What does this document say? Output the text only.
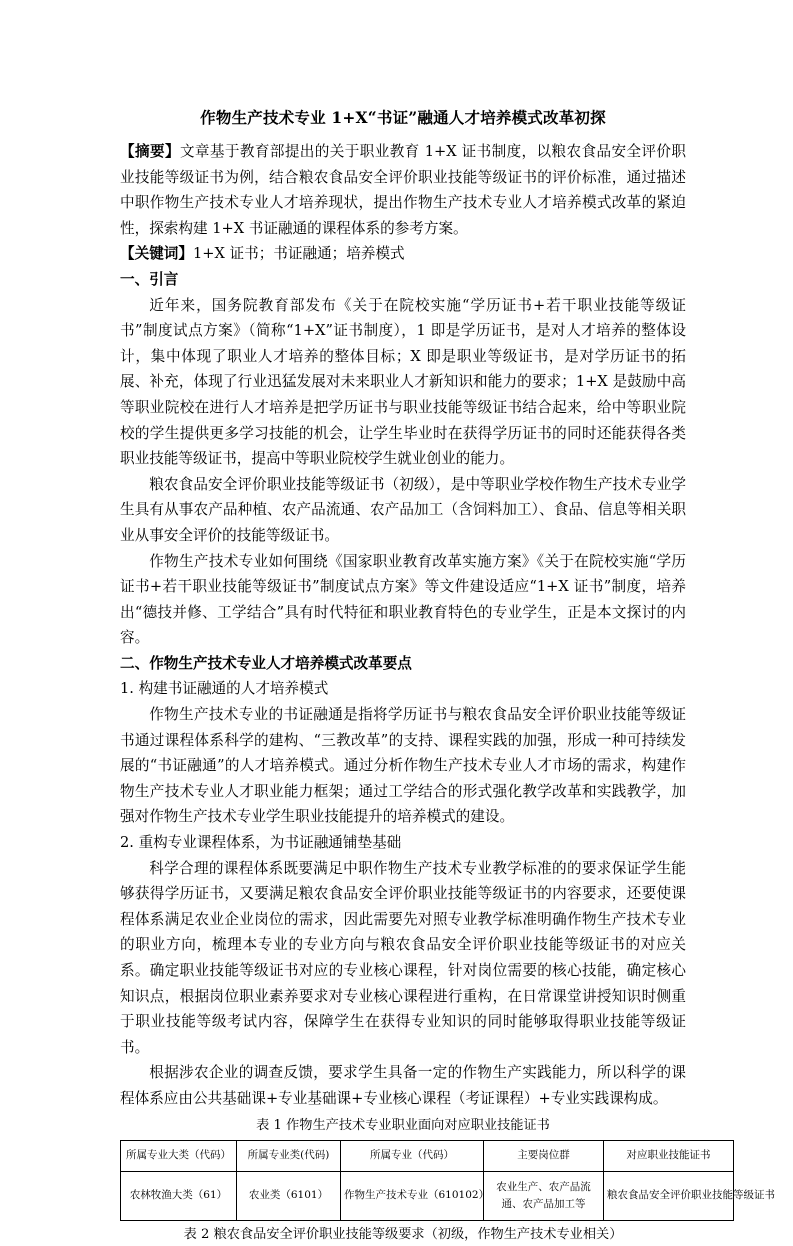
作物生产技术专业 1+X“书证”融通人才培养模式改革初探

【摘要】文章基于教育部提出的关于职业教育 1+X 证书制度，以粮农食品安全评价职业技能等级证书为例，结合粮农食品安全评价职业技能等级证书的评价标准，通过描述中职作物生产技术专业人才培养现状，提出作物生产技术专业人才培养模式改革的紧迫性，探索构建 1+X 书证融通的课程体系的参考方案。

【关键词】1+X 证书；书证融通；培养模式

一、引言

近年来，国务院教育部发布《关于在院校实施“学历证书+若干职业技能等级证书”制度试点方案》（简称“1+X”证书制度），1 即是学历证书，是对人才培养的整体设计，集中体现了职业人才培养的整体目标；X 即是职业等级证书，是对学历证书的拓展、补充，体现了行业迅猛发展对未来职业人才新知识和能力的要求；1+X 是鼓励中高等职业院校在进行人才培养是把学历证书与职业技能等级证书结合起来，给中等职业院校的学生提供更多学习技能的机会，让学生毕业时在获得学历证书的同时还能获得各类职业技能等级证书，提高中等职业院校学生就业创业的能力。

粮农食品安全评价职业技能等级证书（初级），是中等职业学校作物生产技术专业学生具有从事农产品种植、农产品流通、农产品加工（含饲料加工）、食品、信息等相关职业从事安全评价的技能等级证书。

作物生产技术专业如何围绕《国家职业教育改革实施方案》《关于在院校实施“学历证书+若干职业技能等级证书”制度试点方案》等文件建设适应“1+X 证书”制度，培养出“德技并修、工学结合”具有时代特征和职业教育特色的专业学生，正是本文探讨的内容。

二、作物生产技术专业人才培养模式改革要点

1. 构建书证融通的人才培养模式

作物生产技术专业的书证融通是指将学历证书与粮农食品安全评价职业技能等级证书通过课程体系科学的建构、“三教改革”的支持、课程实践的加强，形成一种可持续发展的“书证融通”的人才培养模式。通过分析作物生产技术专业人才市场的需求，构建作物生产技术专业人才职业能力框架；通过工学结合的形式强化教学改革和实践教学，加强对作物生产技术专业学生职业技能提升的培养模式的建设。

2. 重构专业课程体系，为书证融通铺垫基础

科学合理的课程体系既要满足中职作物生产技术专业教学标准的的要求保证学生能够获得学历证书，又要满足粮农食品安全评价职业技能等级证书的内容要求，还要使课程体系满足农业企业岗位的需求，因此需要先对照专业教学标准明确作物生产技术专业的职业方向，梳理本专业的专业方向与粮农食品安全评价职业技能等级证书的对应关系。确定职业技能等级证书对应的专业核心课程，针对岗位需要的核心技能，确定核心知识点，根据岗位职业素养要求对专业核心课程进行重构，在日常课堂讲授知识时侧重于职业技能等级考试内容，保障学生在获得专业知识的同时能够取得职业技能等级证书。

根据涉农企业的调查反馈，要求学生具备一定的作物生产实践能力，所以科学的课程体系应由公共基础课+专业基础课+专业核心课程（考证课程）+专业实践课构成。

表 1 作物生产技术专业职业面向对应职业技能证书

所属专业大类（代码）	所属专业类(代码)	所属专业（代码）	主要岗位群	对应职业技能证书
农林牧渔大类（61）	农业类（6101）	作物生产技术专业（610102）	农业生产、农产品流通、农产品加工等	粮农食品安全评价职业技能等级证书

表 2 粮农食品安全评价职业技能等级要求（初级，作物生产技术专业相关）
